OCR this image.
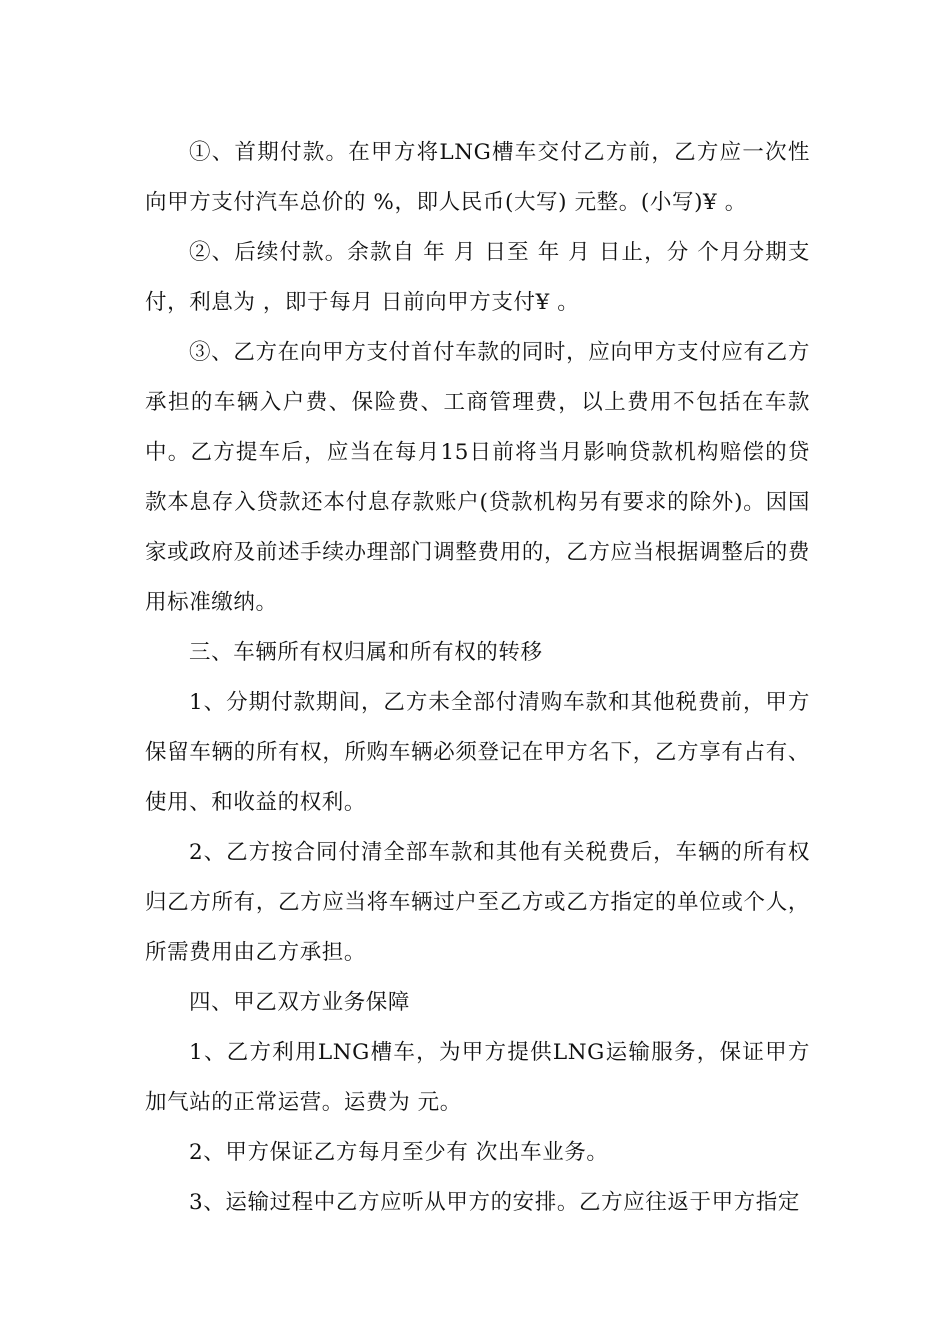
①、首期付款。在甲方将LNG槽车交付乙方前，乙方应一次性向甲方支付汽车总价的 %，即人民币(大写) 元整。(小写)¥ 。

②、后续付款。余款自 年 月 日至 年 月 日止，分 个月分期支付，利息为 ，即于每月 日前向甲方支付¥ 。

③、乙方在向甲方支付首付车款的同时，应向甲方支付应有乙方承担的车辆入户费、保险费、工商管理费，以上费用不包括在车款中。乙方提车后，应当在每月15日前将当月影响贷款机构赔偿的贷款本息存入贷款还本付息存款账户(贷款机构另有要求的除外)。因国家或政府及前述手续办理部门调整费用的，乙方应当根据调整后的费用标准缴纳。

三、车辆所有权归属和所有权的转移

1、分期付款期间，乙方未全部付清购车款和其他税费前，甲方保留车辆的所有权，所购车辆必须登记在甲方名下，乙方享有占有、使用、和收益的权利。

2、乙方按合同付清全部车款和其他有关税费后，车辆的所有权归乙方所有，乙方应当将车辆过户至乙方或乙方指定的单位或个人，所需费用由乙方承担。

四、甲乙双方业务保障

1、乙方利用LNG槽车，为甲方提供LNG运输服务，保证甲方加气站的正常运营。运费为 元。

2、甲方保证乙方每月至少有 次出车业务。

3、运输过程中乙方应听从甲方的安排。乙方应往返于甲方指定
